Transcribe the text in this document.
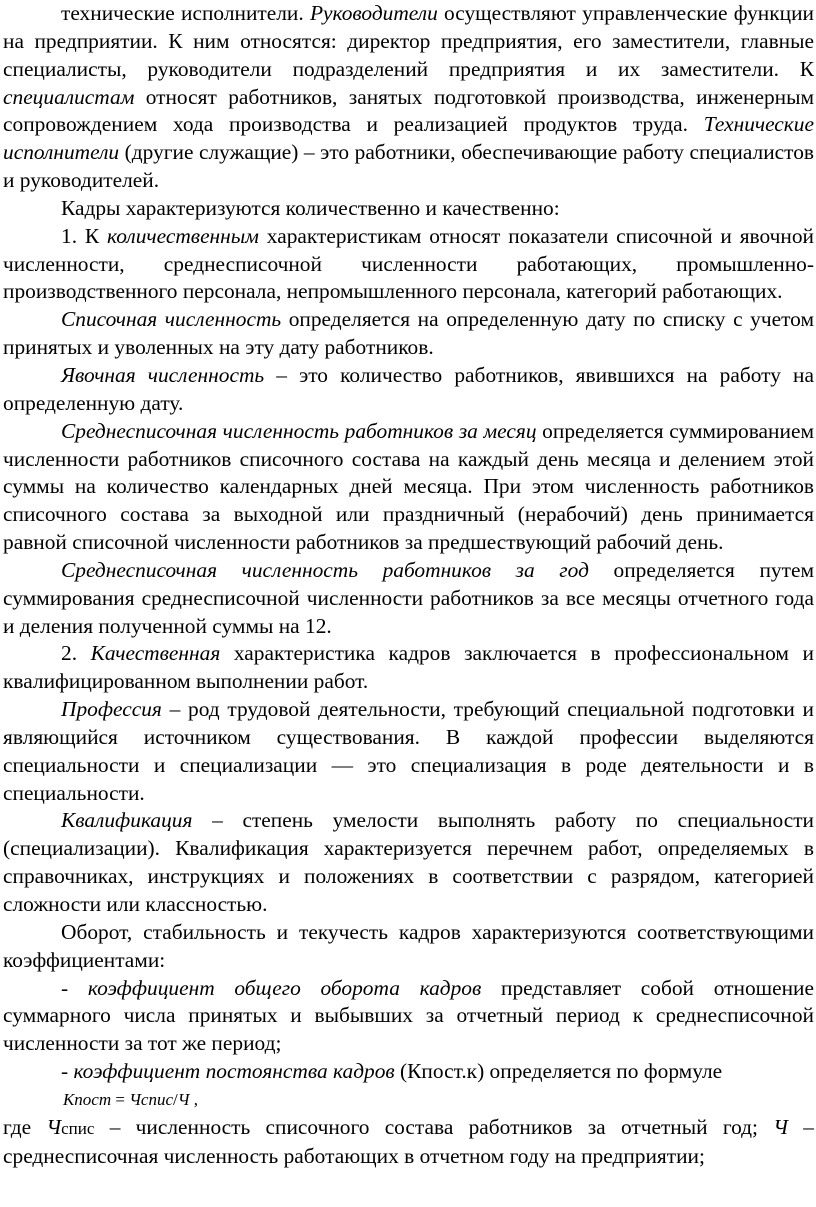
технические исполнители. Руководители осуществляют управленческие функции на предприятии. К ним относятся: директор предприятия, его заместители, главные специалисты, руководители подразделений предприятия и их заместители. К специалистам относят работников, занятых подготовкой производства, инженерным сопровождением хода производства и реализацией продуктов труда. Технические исполнители (другие служащие) – это работники, обеспечивающие работу специалистов и руководителей.

Кадры характеризуются количественно и качественно:

1. К количественным характеристикам относят показатели списочной и явочной численности, среднесписочной численности работающих, промышленно-производственного персонала, непромышленного персонала, категорий работающих.

Списочная численность определяется на определенную дату по списку с учетом принятых и уволенных на эту дату работников.

Явочная численность – это количество работников, явившихся на работу на определенную дату.

Среднесписочная численность работников за месяц определяется суммированием численности работников списочного состава на каждый день месяца и делением этой суммы на количество календарных дней месяца. При этом численность работников списочного состава за выходной или праздничный (нерабочий) день принимается равной списочной численности работников за предшествующий рабочий день.

Среднесписочная численность работников за год определяется путем суммирования среднесписочной численности работников за все месяцы отчетного года и деления полученной суммы на 12.

2. Качественная характеристика кадров заключается в профессиональном и квалифицированном выполнении работ.

Профессия – род трудовой деятельности, требующий специальной подготовки и являющийся источником существования. В каждой профессии выделяются специальности и специализации — это специализация в роде деятельности и в специальности.

Квалификация – степень умелости выполнять работу по специальности (специализации). Квалификация характеризуется перечнем работ, определяемых в справочниках, инструкциях и положениях в соответствии с разрядом, категорией сложности или классностью.

Оборот, стабильность и текучесть кадров характеризуются соответствующими коэффициентами:

- коэффициент общего оборота кадров представляет собой отношение суммарного числа принятых и выбывших за отчетный период к среднесписочной численности за тот же период;

- коэффициент постоянства кадров (Кпост.к) определяется по формуле

Кпост = Чспис/Ч ,

где Чспис – численность списочного состава работников за отчетный год; Ч – среднесписочная численность работающих в отчетном году на предприятии;
